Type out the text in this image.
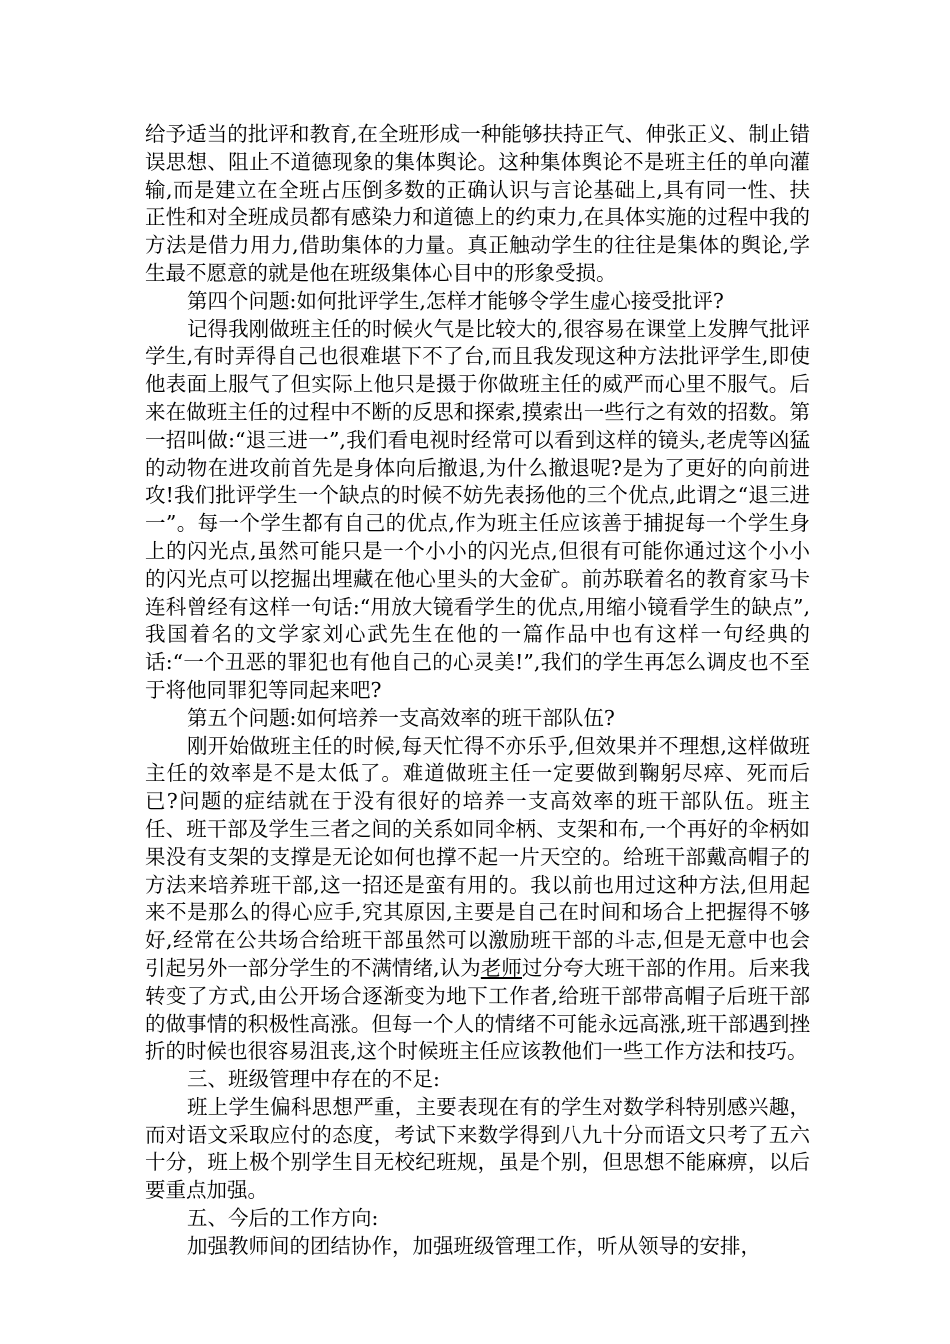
给予适当的批评和教育,在全班形成一种能够扶持正气、伸张正义、制止错误思想、阻止不道德现象的集体舆论。这种集体舆论不是班主任的单向灌输,而是建立在全班占压倒多数的正确认识与言论基础上,具有同一性、扶正性和对全班成员都有感染力和道德上的约束力,在具体实施的过程中我的方法是借力用力,借助集体的力量。真正触动学生的往往是集体的舆论,学生最不愿意的就是他在班级集体心目中的形象受损。

第四个问题:如何批评学生,怎样才能够令学生虚心接受批评?

记得我刚做班主任的时候火气是比较大的,很容易在课堂上发脾气批评学生,有时弄得自己也很难堪下不了台,而且我发现这种方法批评学生,即使他表面上服气了但实际上他只是摄于你做班主任的威严而心里不服气。后来在做班主任的过程中不断的反思和探索,摸索出一些行之有效的招数。第一招叫做:“退三进一”,我们看电视时经常可以看到这样的镜头,老虎等凶猛的动物在进攻前首先是身体向后撤退,为什么撤退呢?是为了更好的向前进攻!我们批评学生一个缺点的时候不妨先表扬他的三个优点,此谓之“退三进一”。每一个学生都有自己的优点,作为班主任应该善于捕捉每一个学生身上的闪光点,虽然可能只是一个小小的闪光点,但很有可能你通过这个小小的闪光点可以挖掘出埋藏在他心里头的大金矿。前苏联着名的教育家马卡连科曾经有这样一句话:“用放大镜看学生的优点,用缩小镜看学生的缺点”,我国着名的文学家刘心武先生在他的一篇作品中也有这样一句经典的话:“一个丑恶的罪犯也有他自己的心灵美!”,我们的学生再怎么调皮也不至于将他同罪犯等同起来吧?

第五个问题:如何培养一支高效率的班干部队伍?

刚开始做班主任的时候,每天忙得不亦乐乎,但效果并不理想,这样做班主任的效率是不是太低了。难道做班主任一定要做到鞠躬尽瘁、死而后已?问题的症结就在于没有很好的培养一支高效率的班干部队伍。班主任、班干部及学生三者之间的关系如同伞柄、支架和布,一个再好的伞柄如果没有支架的支撑是无论如何也撑不起一片天空的。给班干部戴高帽子的方法来培养班干部,这一招还是蛮有用的。我以前也用过这种方法,但用起来不是那么的得心应手,究其原因,主要是自己在时间和场合上把握得不够好,经常在公共场合给班干部虽然可以激励班干部的斗志,但是无意中也会引起另外一部分学生的不满情绪,认为老师过分夸大班干部的作用。后来我转变了方式,由公开场合逐渐变为地下工作者,给班干部带高帽子后班干部的做事情的积极性高涨。但每一个人的情绪不可能永远高涨,班干部遇到挫折的时候也很容易沮丧,这个时候班主任应该教他们一些工作方法和技巧。

三、班级管理中存在的不足:

班上学生偏科思想严重，主要表现在有的学生对数学科特别感兴趣，而对语文采取应付的态度，考试下来数学得到八九十分而语文只考了五六十分，班上极个别学生目无校纪班规，虽是个别，但思想不能麻痹，以后要重点加强。

五、今后的工作方向:

加强教师间的团结协作，加强班级管理工作，听从领导的安排，
